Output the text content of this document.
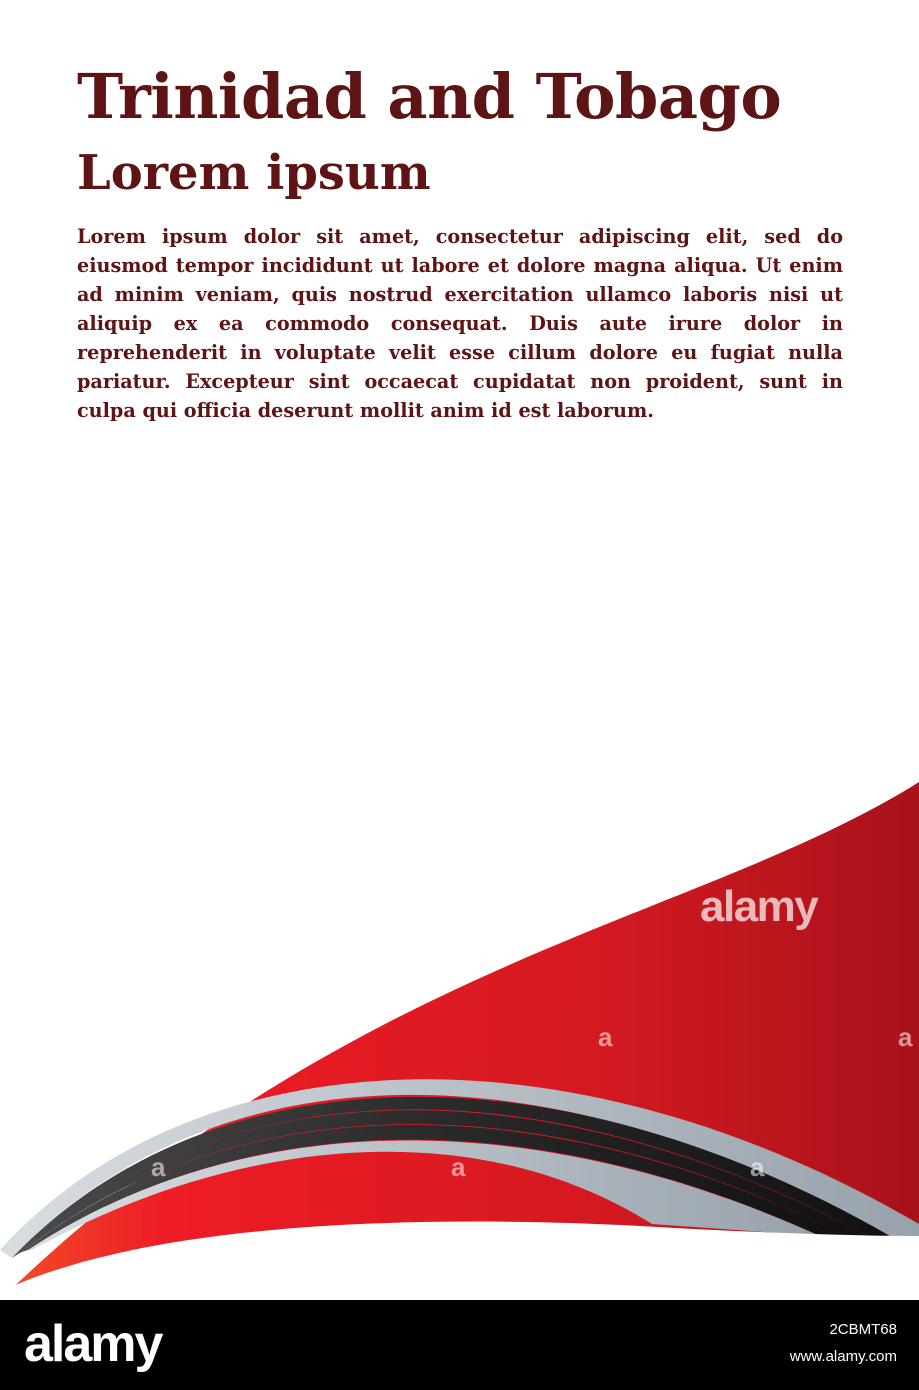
Trinidad and Tobago
Lorem ipsum

Lorem ipsum dolor sit amet, consectetur adipiscing elit, sed do eiusmod tempor incididunt ut labore et dolore magna aliqua. Ut enim ad minim veniam, quis nostrud exercitation ullamco laboris nisi ut aliquip ex ea commodo consequat. Duis aute irure dolor in reprehenderit in voluptate velit esse cillum dolore eu fugiat nulla pariatur. Excepteur sint occaecat cupidatat non proident, sunt in culpa qui officia deserunt mollit anim id est laborum.

alamy
a	a
a
a	a
alamy	2CBMT68
www.alamy.com
